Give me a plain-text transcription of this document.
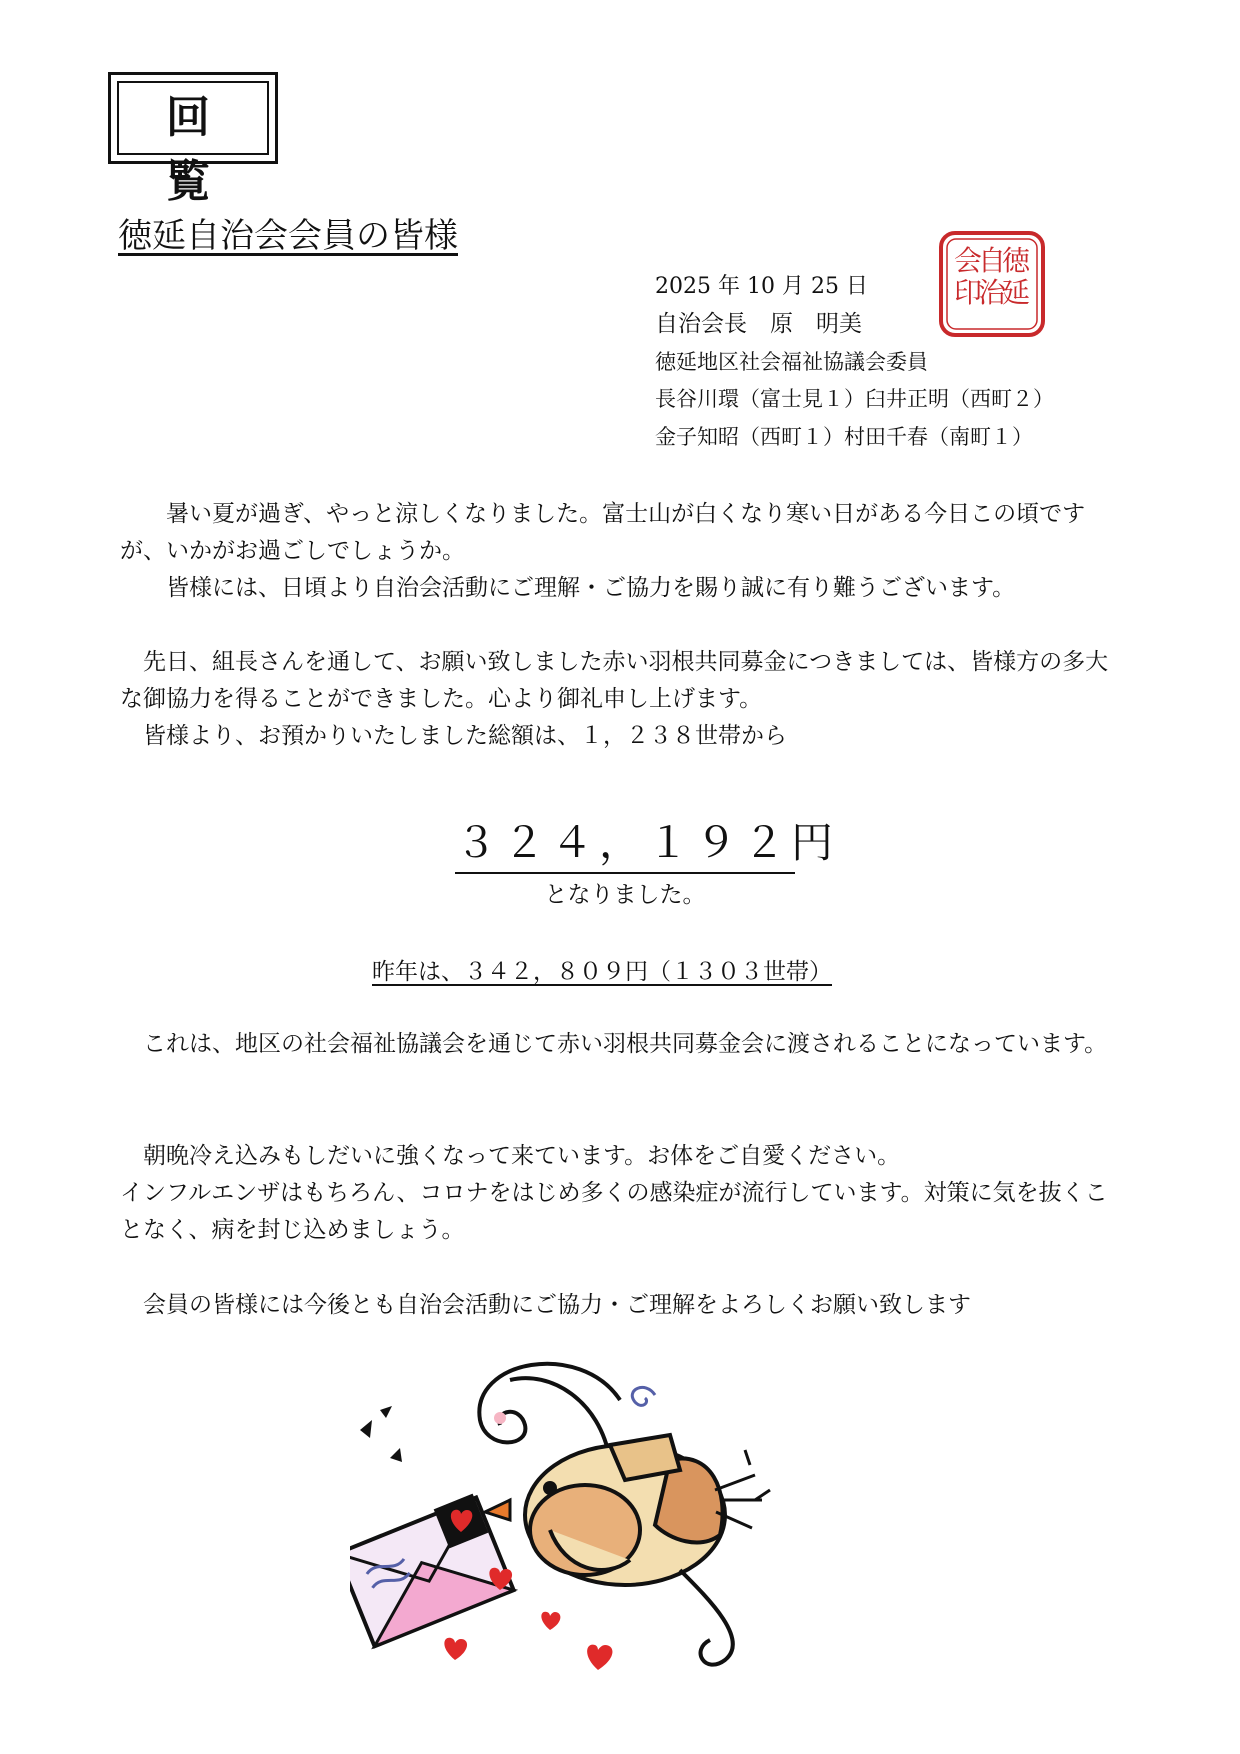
回　覧
徳延自治会会員の皆様
2025 年 10 月 25 日
自治会長　原　明美
徳延地区社会福祉協議会委員
長谷川環（富士見１）臼井正明（西町２）
金子知昭（西町１）村田千春（南町１）
徳
延
自
治
会
印
暑い夏が過ぎ、やっと涼しくなりました。富士山が白くなり寒い日がある今日この頃ですが、いかがお過ごしでしょうか。
皆様には、日頃より自治会活動にご理解・ご協力を賜り誠に有り難うございます。
先日、組長さんを通して、お願い致しました赤い羽根共同募金につきましては、皆様方の多大な御協力を得ることができました。心より御礼申し上げます。
皆様より、お預かりいたしました総額は、１，２３８世帯から
３２４，１９２円
となりました。
昨年は、３４２，８０９円（１３０３世帯）
これは、地区の社会福祉協議会を通じて赤い羽根共同募金会に渡されることになっています。
朝晩冷え込みもしだいに強くなって来ています。お体をご自愛ください。
インフルエンザはもちろん、コロナをはじめ多くの感染症が流行しています。対策に気を抜くことなく、病を封じ込めましょう。
会員の皆様には今後とも自治会活動にご協力・ご理解をよろしくお願い致します
